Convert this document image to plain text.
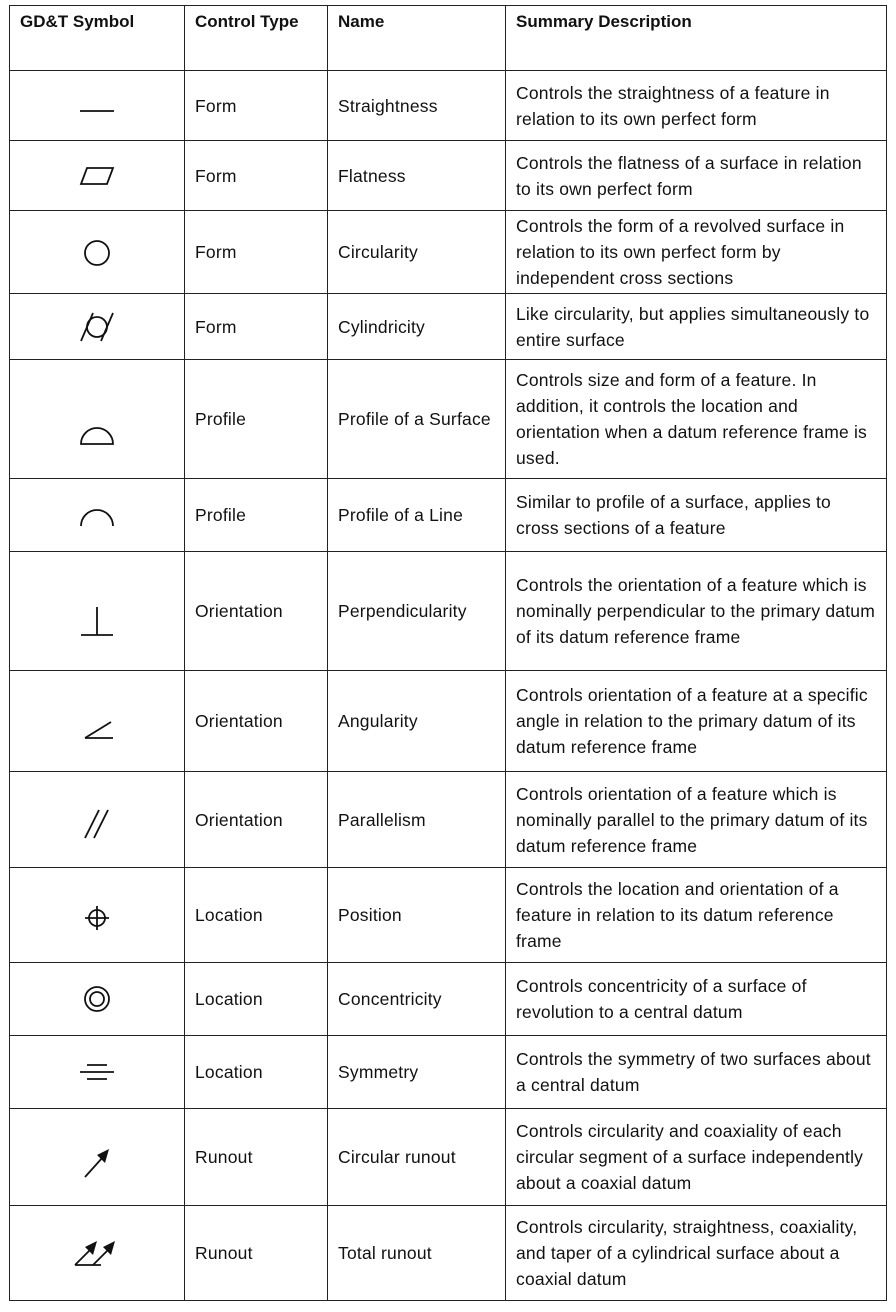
GD&T Symbol	Control Type	Name	Summary Description
	Form	Straightness	Controls the straightness of a feature in relation to its own perfect form
	Form	Flatness	Controls the flatness of a surface in relation to its own perfect form
	Form	Circularity	Controls the form of a revolved surface in relation to its own perfect form by independent cross sections
	Form	Cylindricity	Like circularity, but applies simultaneously to entire surface
	Profile	Profile of a Surface	Controls size and form of a feature. In addition, it controls the location and orientation when a datum reference frame is used.
	Profile	Profile of a Line	Similar to profile of a surface, applies to cross sections of a feature
	Orientation	Perpendicularity	Controls the orientation of a feature which is nominally perpendicular to the primary datum of its datum reference frame
	Orientation	Angularity	Controls orientation of a feature at a specific angle in relation to the primary datum of its datum reference frame
	Orientation	Parallelism	Controls orientation of a feature which is nominally parallel to the primary datum of its datum reference frame
	Location	Position	Controls the location and orientation of a feature in relation to its datum reference frame
	Location	Concentricity	Controls concentricity of a surface of revolution to a central datum
	Location	Symmetry	Controls the symmetry of two surfaces about a central datum
	Runout	Circular runout	Controls circularity and coaxiality of each circular segment of a surface independently about a coaxial datum
	Runout	Total runout	Controls circularity, straightness, coaxiality, and taper of a cylindrical surface about a coaxial datum
